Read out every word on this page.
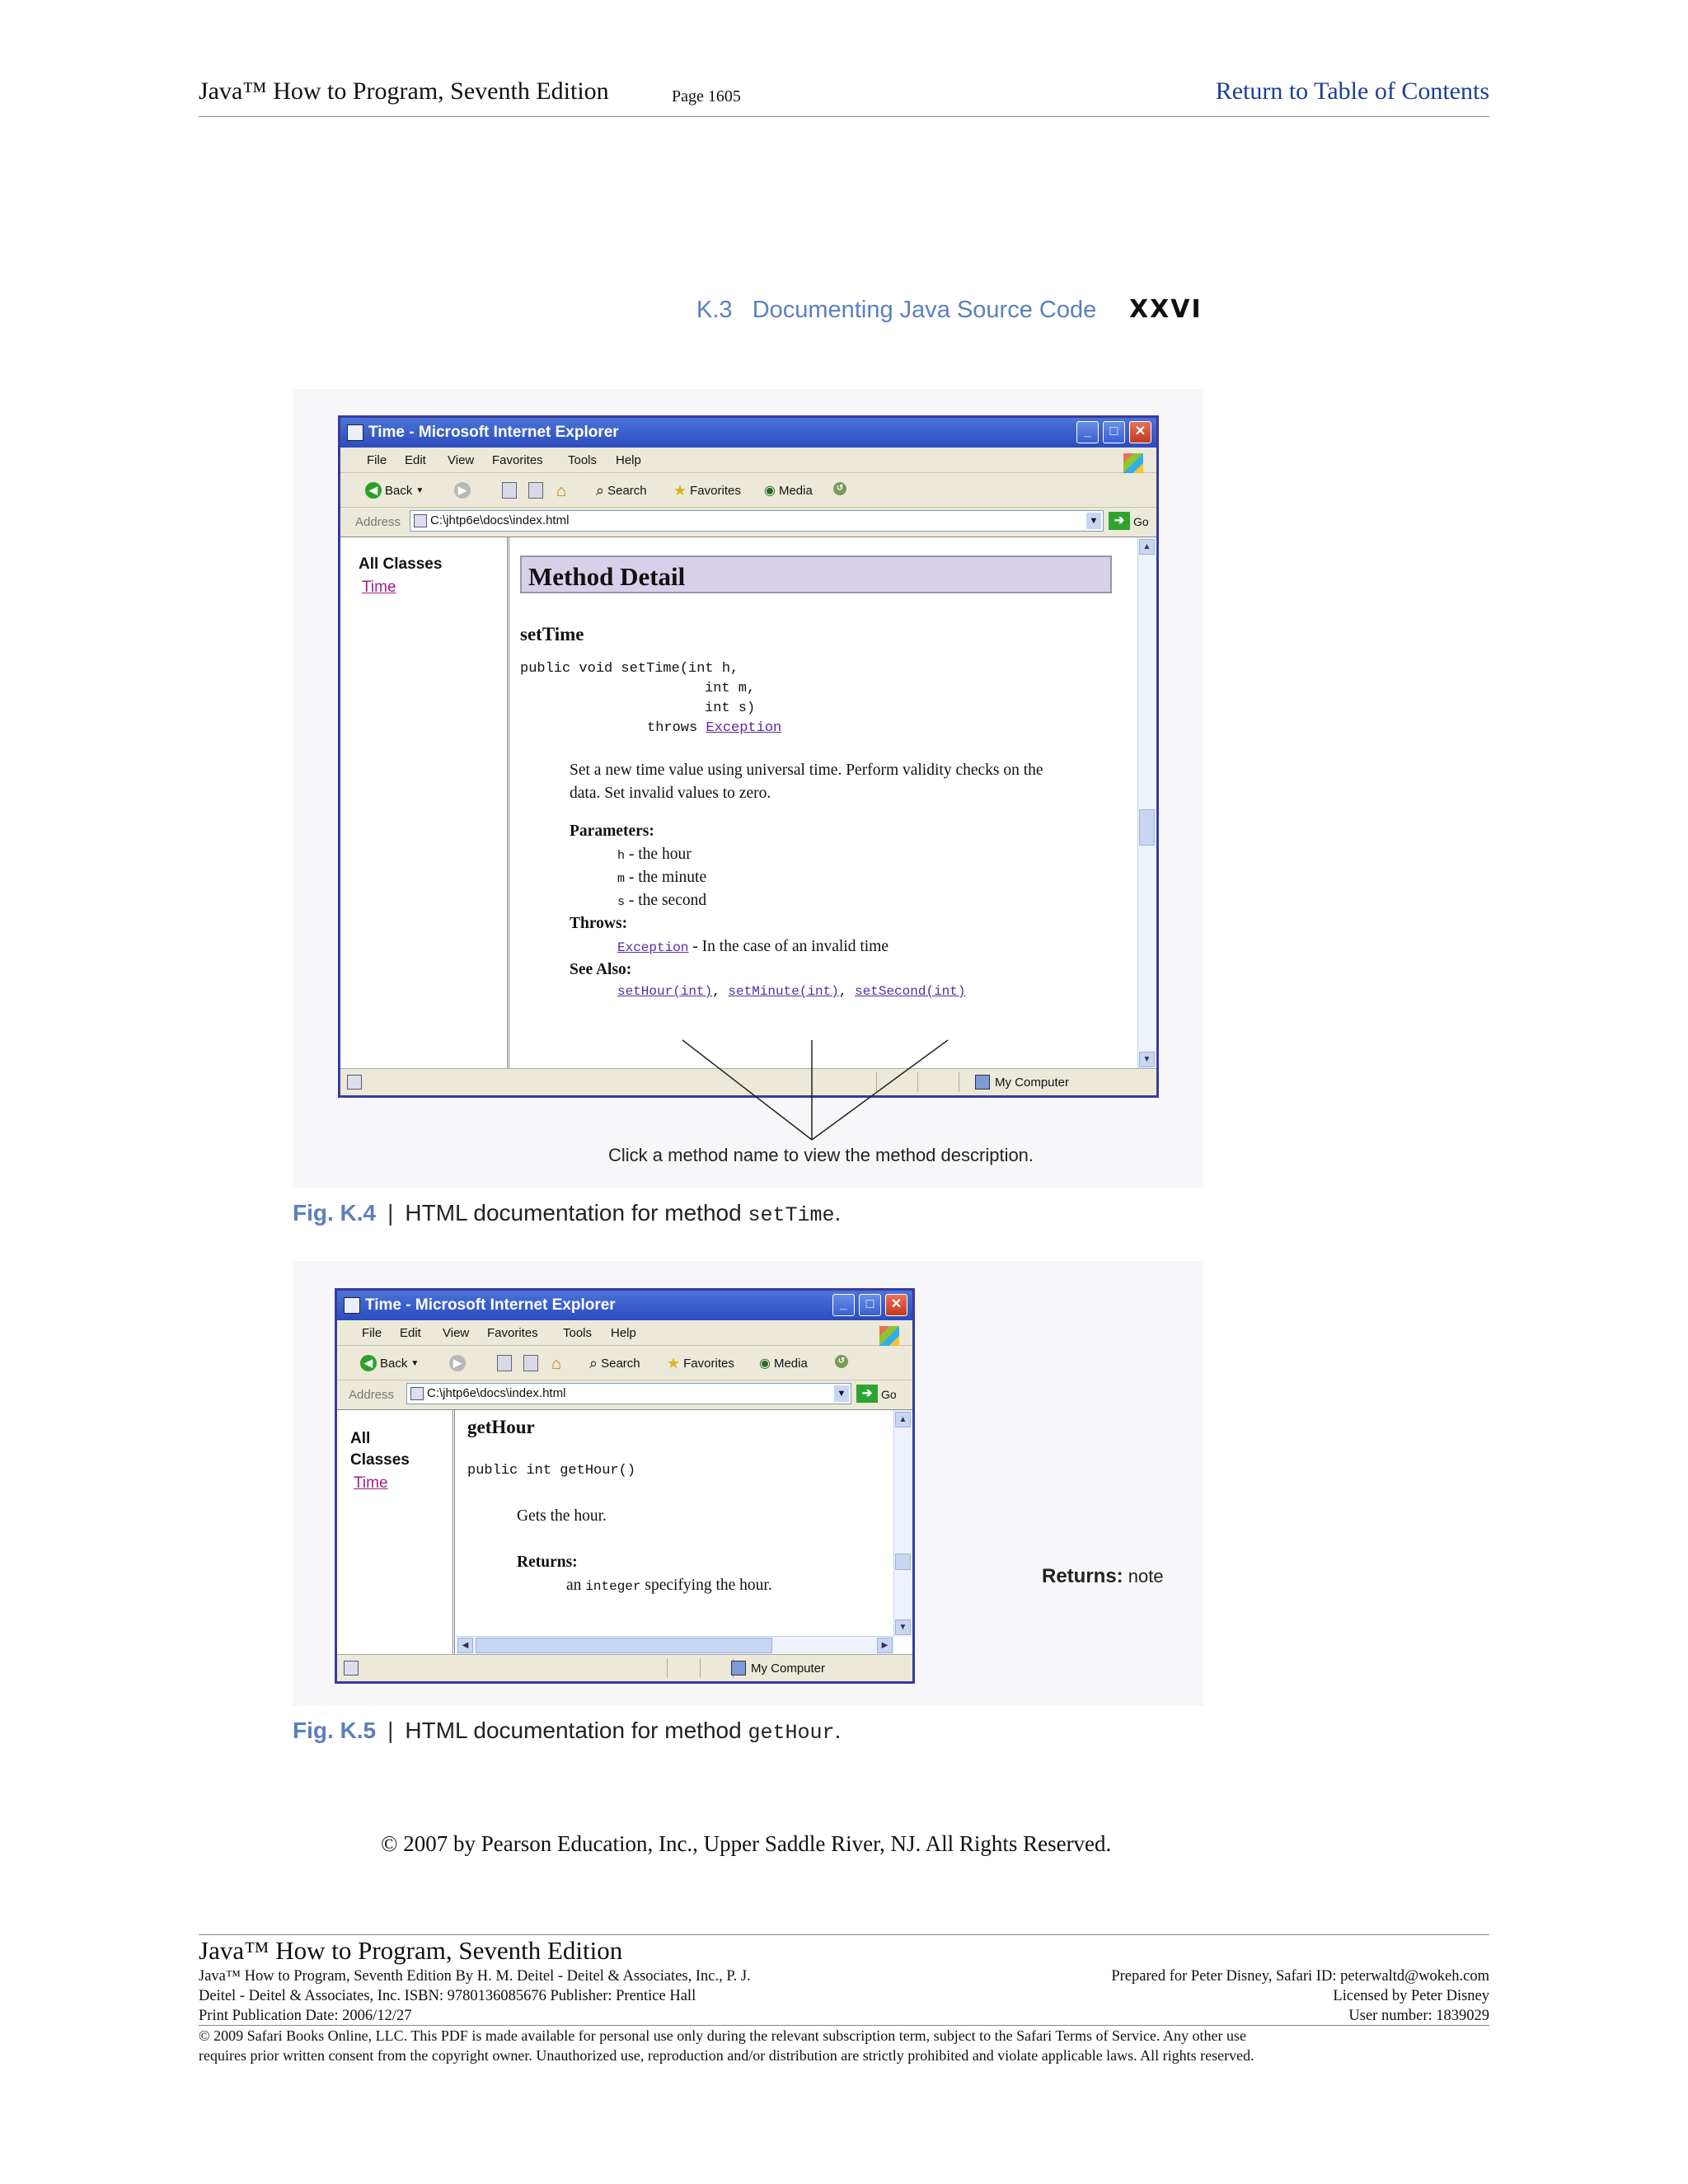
Java™ How to Program, Seventh Edition	Page 1605	Return to Table of Contents
K.3   Documenting Java Source Code XXVI
Time - Microsoft Internet Explorer	_	□	✕
File Edit View Favorites Tools Help
◀ Back ▼	▶	⌂ ⌕ Search ★ Favorites ◉ Media	↺
Address C:\jhtp6e\docs\index.html	▼	➔ Go
All Classes
Time	Method Detail
setTime
public void setTime(int h,
int m,
int s)
throws Exception
Set a new time value using universal time. Perform validity checks on the
data. Set invalid values to zero.
Parameters:
h - the hour
m - the minute
s - the second
Throws:
Exception - In the case of an invalid time
See Also:
setHour(int), setMinute(int), setSecond(int)
▲
▼
My Computer
Click a method name to view the method description.
Fig. K.4 | HTML documentation for method setTime.
Time - Microsoft Internet Explorer	_	□	✕
File Edit View Favorites Tools Help
◀ Back ▼	▶	⌂ ⌕ Search ★ Favorites ◉ Media	↺
Address	C:\jhtp6e\docs\index.html	▼	➔ Go
All
Classes
Time
getHour
public int getHour()
Gets the hour.
Returns:
an integer specifying the hour.
▲
▼
◀	▶
My Computer
Returns: note
Fig. K.5 | HTML documentation for method getHour.
© 2007 by Pearson Education, Inc., Upper Saddle River, NJ. All Rights Reserved.
Java™ How to Program, Seventh Edition
Java™ How to Program, Seventh Edition By H. M. Deitel - Deitel & Associates, Inc., P. J.
Deitel - Deitel & Associates, Inc. ISBN: 9780136085676 Publisher: Prentice Hall
Print Publication Date: 2006/12/27
Prepared for Peter Disney, Safari ID: peterwaltd@wokeh.com
Licensed by Peter Disney
User number: 1839029
© 2009 Safari Books Online, LLC. This PDF is made available for personal use only during the relevant subscription term, subject to the Safari Terms of Service. Any other use
requires prior written consent from the copyright owner. Unauthorized use, reproduction and/or distribution are strictly prohibited and violate applicable laws. All rights reserved.
